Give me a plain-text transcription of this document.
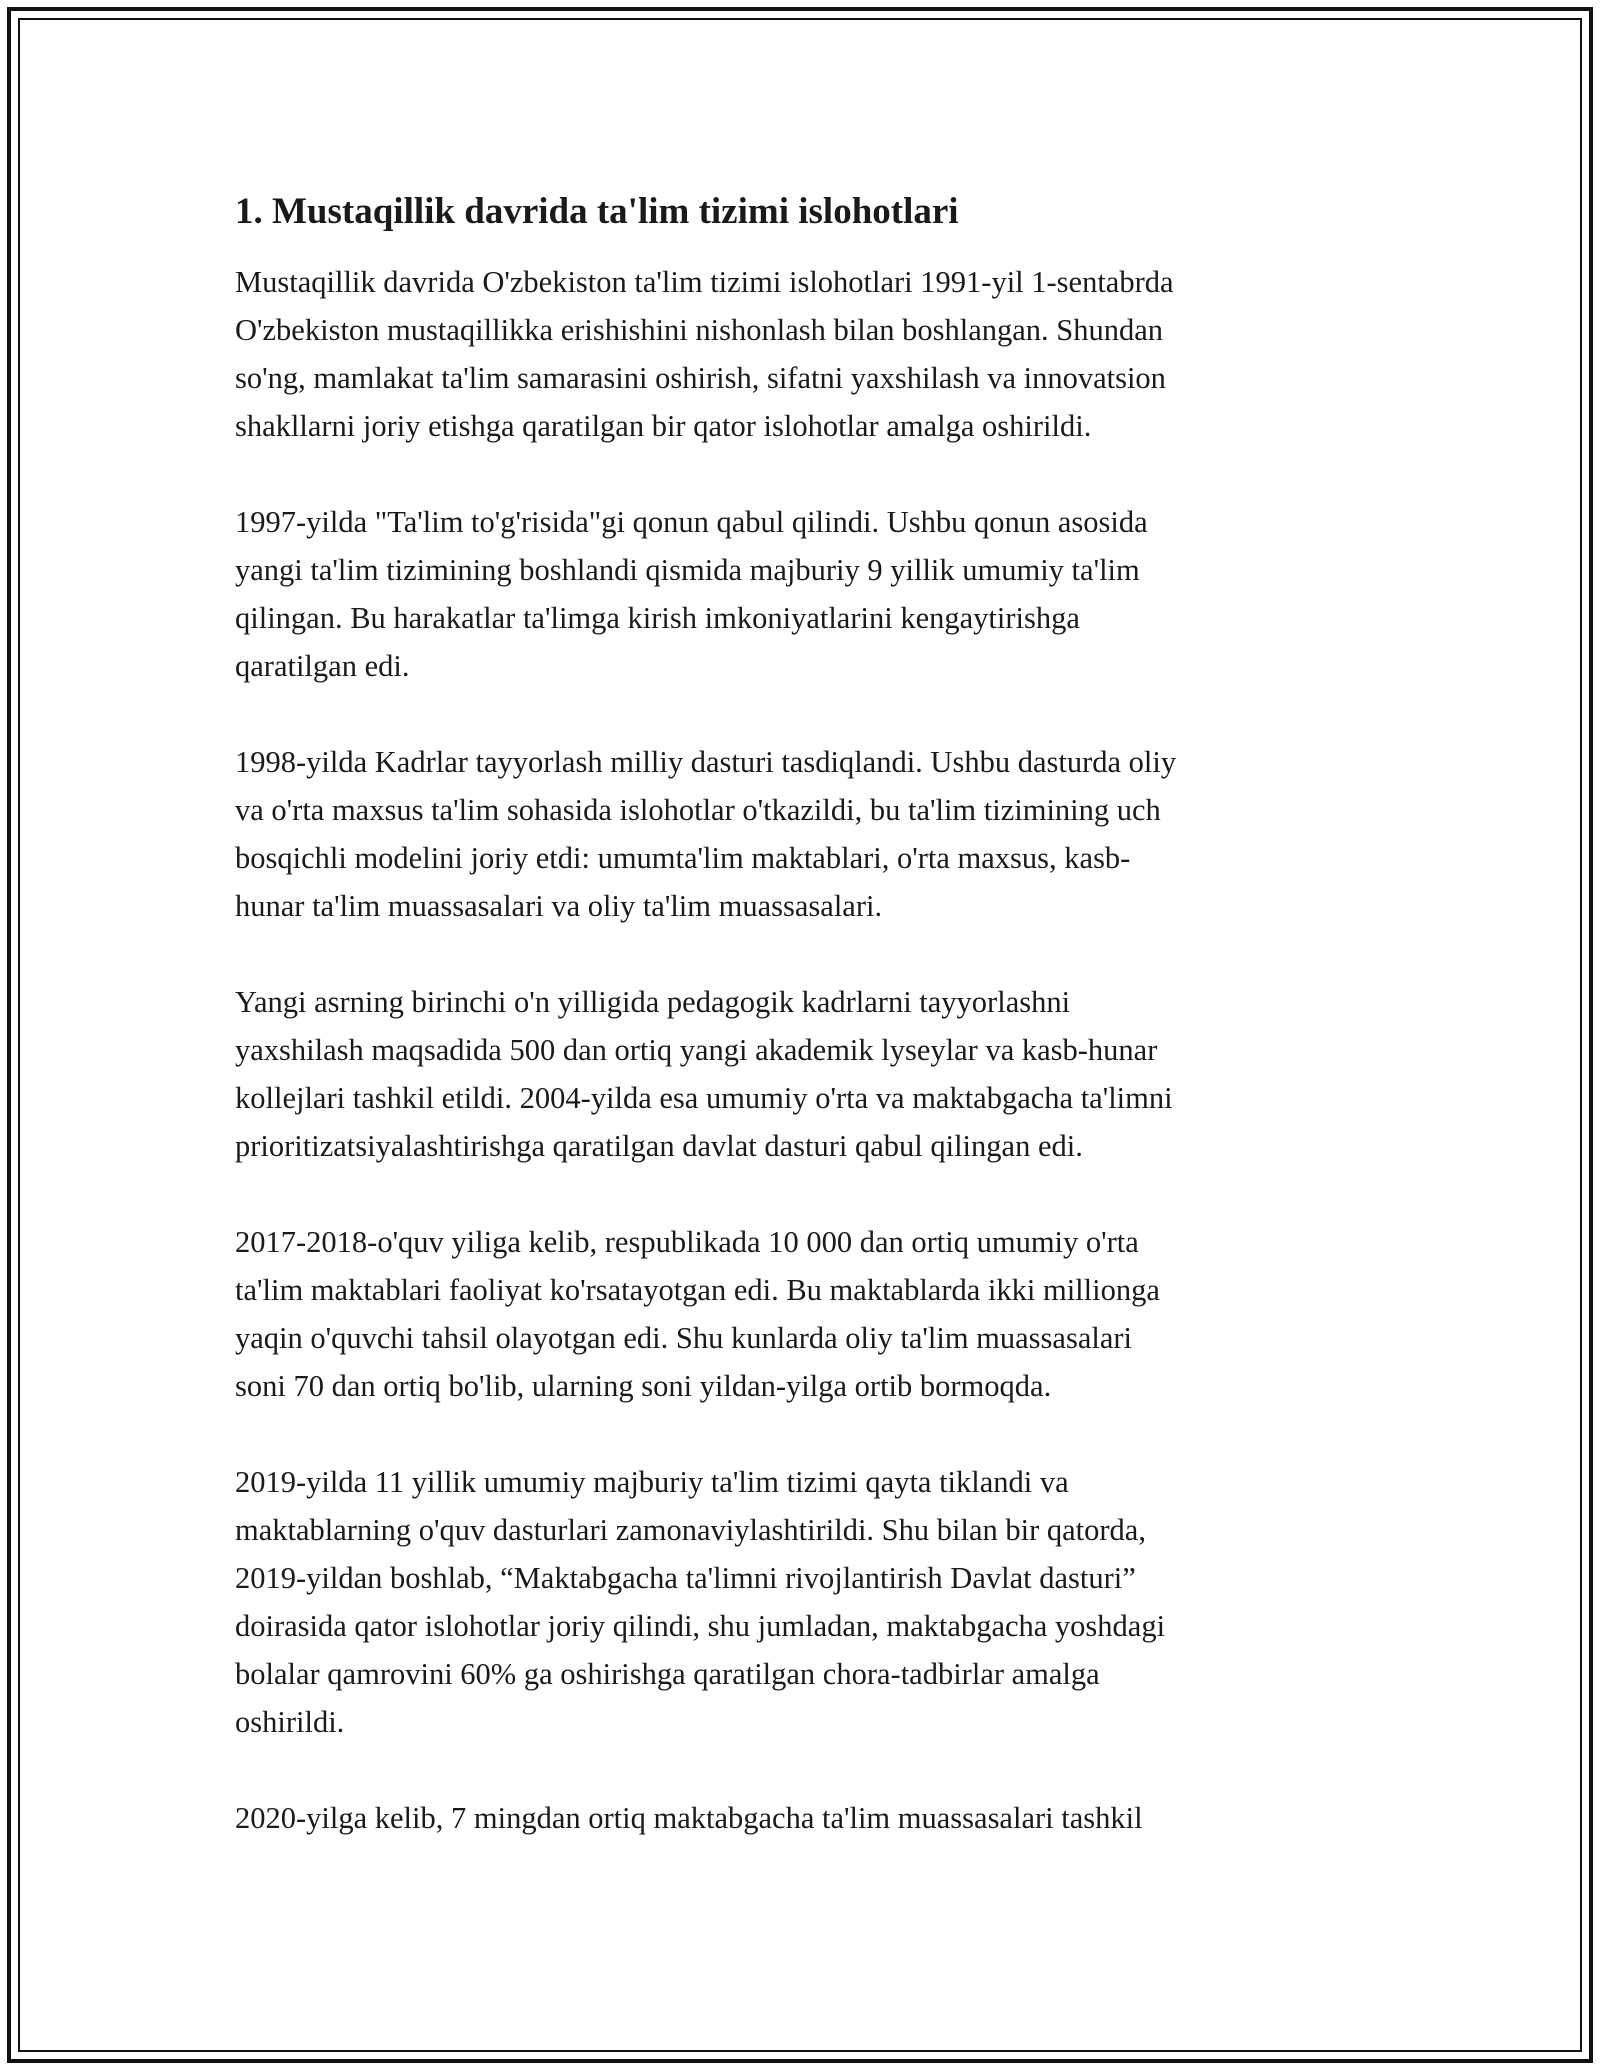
1. Mustaqillik davrida ta'lim tizimi islohotlari
Mustaqillik davrida O'zbekiston ta'lim tizimi islohotlari 1991-yil 1-sentabrda
O'zbekiston mustaqillikka erishishini nishonlash bilan boshlangan. Shundan
so'ng, mamlakat ta'lim samarasini oshirish, sifatni yaxshilash va innovatsion
shakllarni joriy etishga qaratilgan bir qator islohotlar amalga oshirildi.
1997-yilda "Ta'lim to'g'risida"gi qonun qabul qilindi. Ushbu qonun asosida
yangi ta'lim tizimining boshlandi qismida majburiy 9 yillik umumiy ta'lim
qilingan. Bu harakatlar ta'limga kirish imkoniyatlarini kengaytirishga
qaratilgan edi.
1998-yilda Kadrlar tayyorlash milliy dasturi tasdiqlandi. Ushbu dasturda oliy
va o'rta maxsus ta'lim sohasida islohotlar o'tkazildi, bu ta'lim tizimining uch
bosqichli modelini joriy etdi: umumta'lim maktablari, o'rta maxsus, kasb-
hunar ta'lim muassasalari va oliy ta'lim muassasalari.
Yangi asrning birinchi o'n yilligida pedagogik kadrlarni tayyorlashni
yaxshilash maqsadida 500 dan ortiq yangi akademik lyseylar va kasb-hunar
kollejlari tashkil etildi. 2004-yilda esa umumiy o'rta va maktabgacha ta'limni
prioritizatsiyalashtirishga qaratilgan davlat dasturi qabul qilingan edi.
2017-2018-o'quv yiliga kelib, respublikada 10 000 dan ortiq umumiy o'rta
ta'lim maktablari faoliyat ko'rsatayotgan edi. Bu maktablarda ikki millionga
yaqin o'quvchi tahsil olayotgan edi. Shu kunlarda oliy ta'lim muassasalari
soni 70 dan ortiq bo'lib, ularning soni yildan-yilga ortib bormoqda.
2019-yilda 11 yillik umumiy majburiy ta'lim tizimi qayta tiklandi va
maktablarning o'quv dasturlari zamonaviylashtirildi. Shu bilan bir qatorda,
2019-yildan boshlab, “Maktabgacha ta'limni rivojlantirish Davlat dasturi”
doirasida qator islohotlar joriy qilindi, shu jumladan, maktabgacha yoshdagi
bolalar qamrovini 60% ga oshirishga qaratilgan chora-tadbirlar amalga
oshirildi.
2020-yilga kelib, 7 mingdan ortiq maktabgacha ta'lim muassasalari tashkil
